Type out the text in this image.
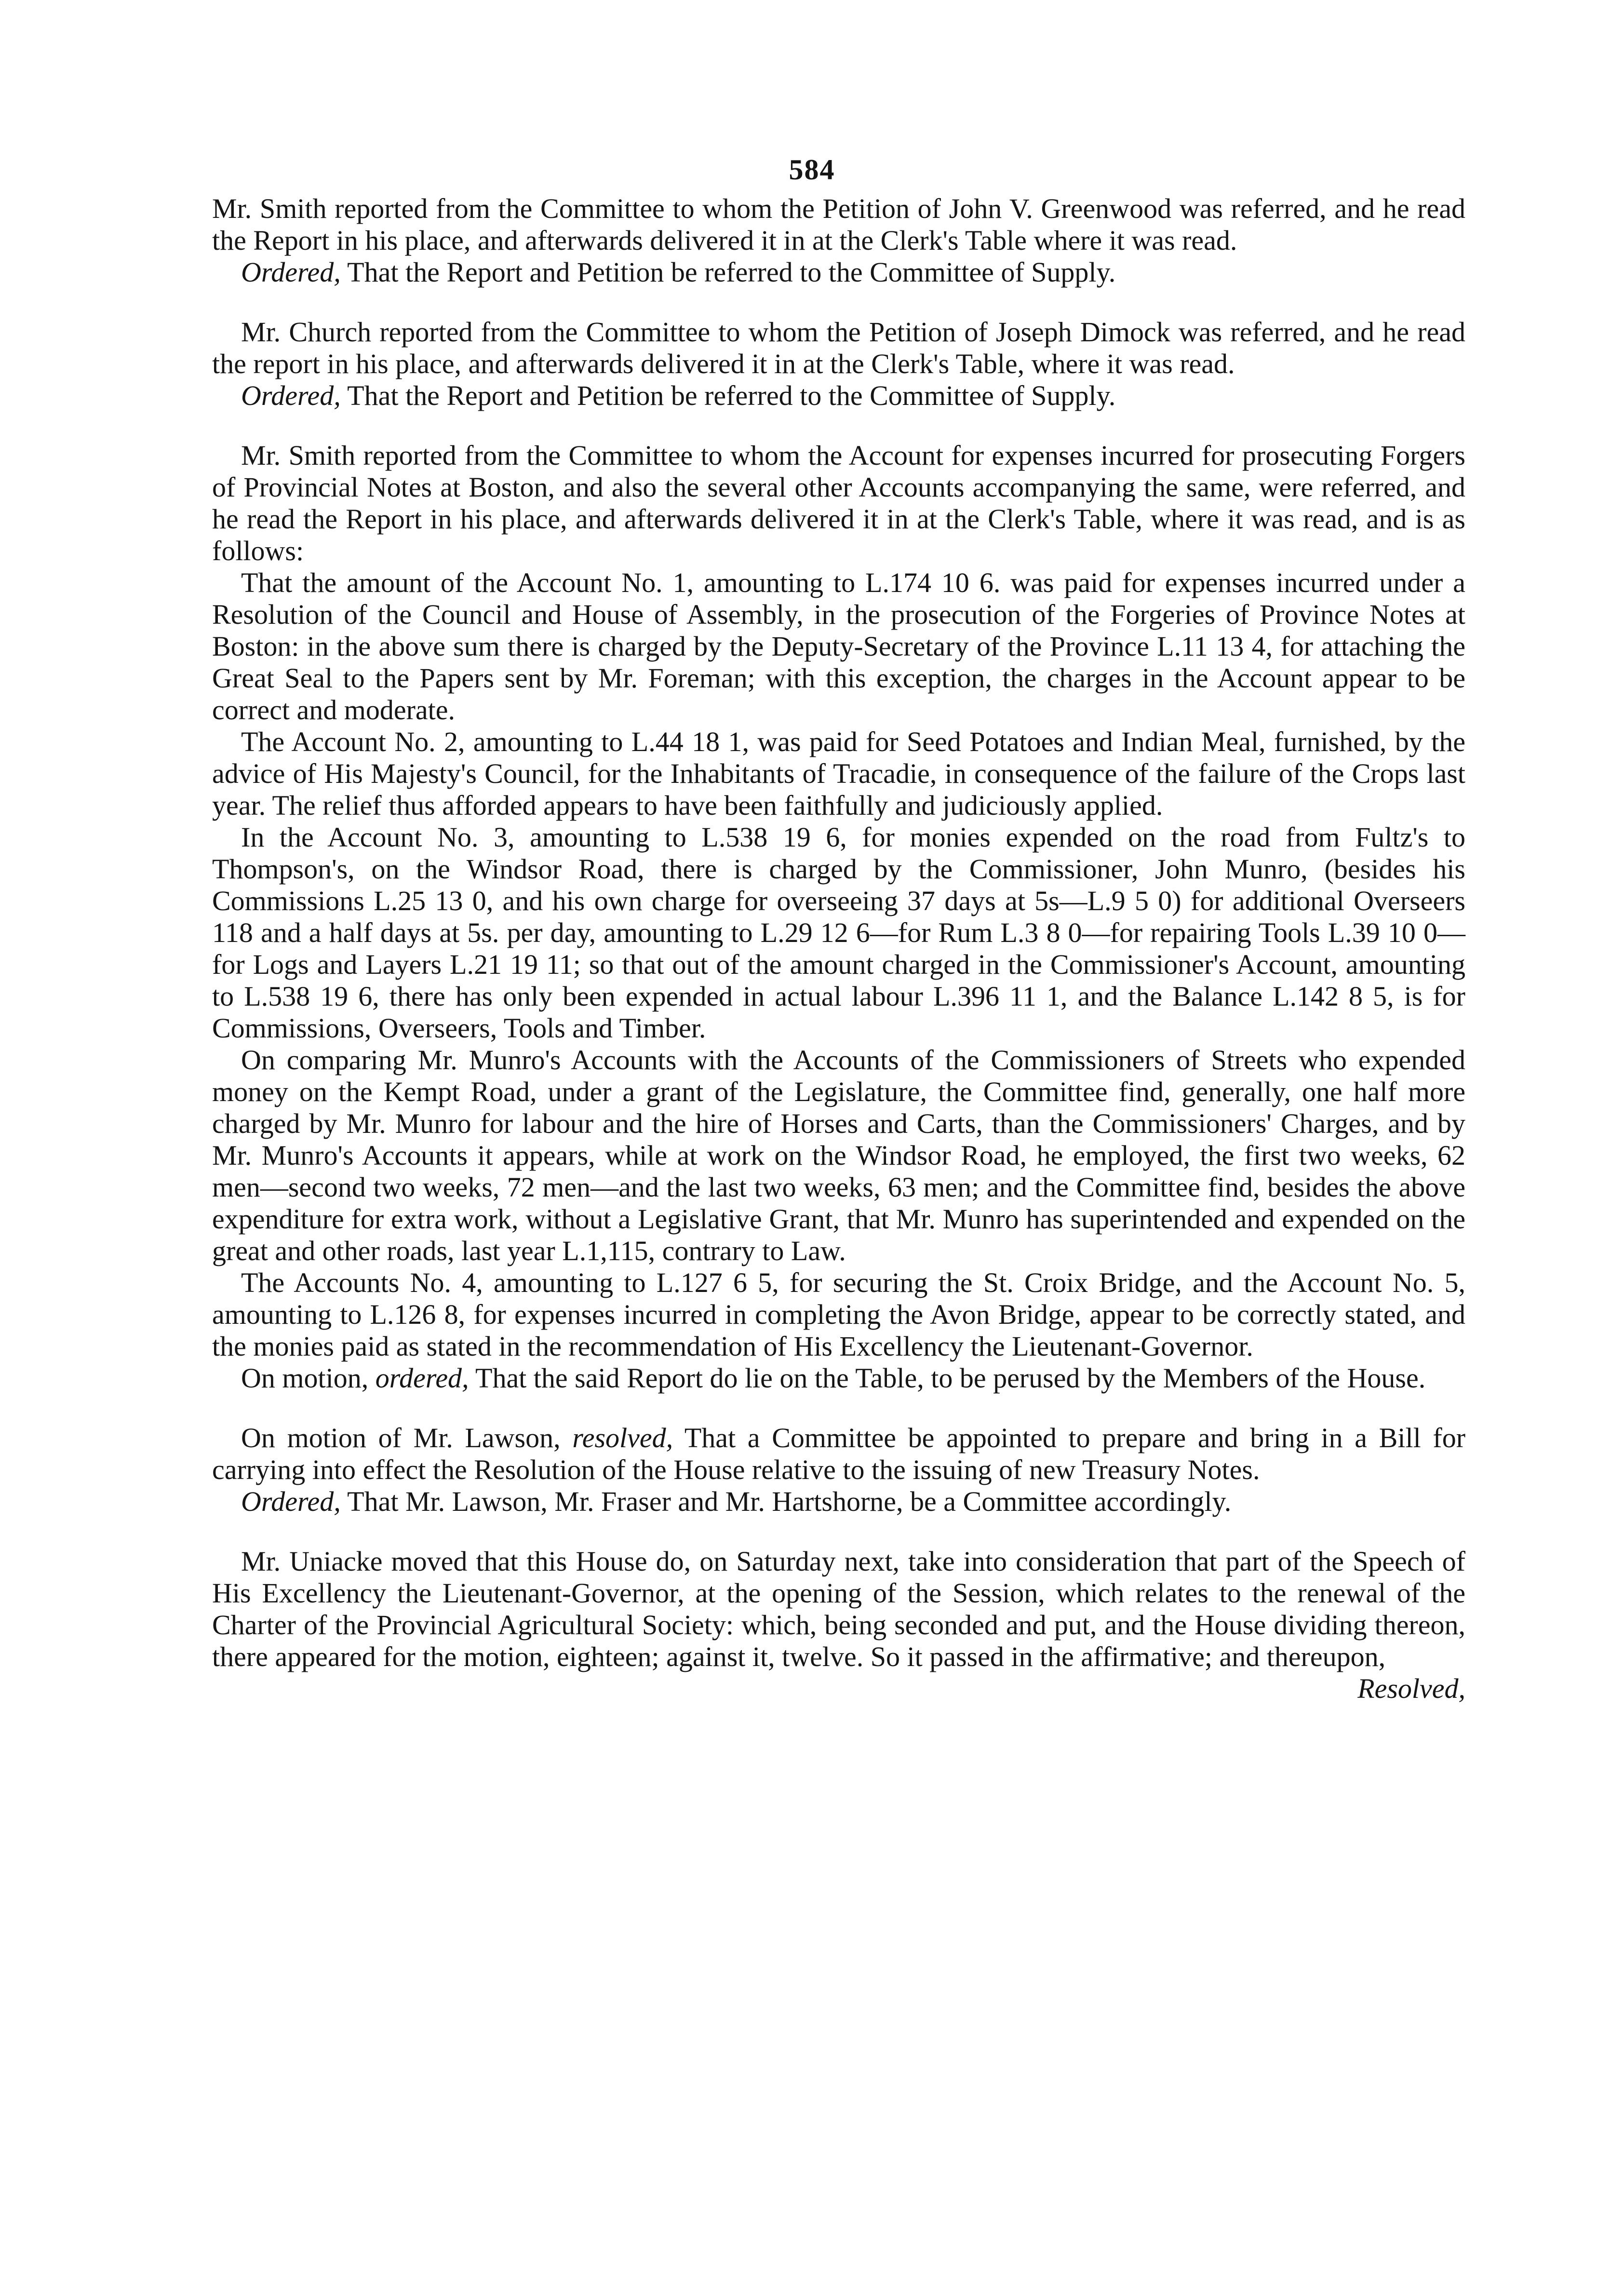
584

Mr. Smith reported from the Committee to whom the Petition of John V. Greenwood was referred, and he read the Report in his place, and afterwards delivered it in at the Clerk's Table where it was read.

Ordered, That the Report and Petition be referred to the Committee of Supply.

Mr. Church reported from the Committee to whom the Petition of Joseph Dimock was referred, and he read the report in his place, and afterwards delivered it in at the Clerk's Table, where it was read.

Ordered, That the Report and Petition be referred to the Committee of Supply.

Mr. Smith reported from the Committee to whom the Account for expenses incurred for prosecuting Forgers of Provincial Notes at Boston, and also the several other Accounts accompanying the same, were referred, and he read the Report in his place, and afterwards delivered it in at the Clerk's Table, where it was read, and is as follows:

That the amount of the Account No. 1, amounting to L.174 10 6. was paid for expenses incurred under a Resolution of the Council and House of Assembly, in the prosecution of the Forgeries of Province Notes at Boston: in the above sum there is charged by the Deputy-Secretary of the Province L.11 13 4, for attaching the Great Seal to the Papers sent by Mr. Foreman; with this exception, the charges in the Account appear to be correct and moderate.

The Account No. 2, amounting to L.44 18 1, was paid for Seed Potatoes and Indian Meal, furnished, by the advice of His Majesty's Council, for the Inhabitants of Tracadie, in consequence of the failure of the Crops last year. The relief thus afforded appears to have been faithfully and judiciously applied.

In the Account No. 3, amounting to L.538 19 6, for monies expended on the road from Fultz's to Thompson's, on the Windsor Road, there is charged by the Commissioner, John Munro, (besides his Commissions L.25 13 0, and his own charge for overseeing 37 days at 5s—L.9 5 0) for additional Overseers 118 and a half days at 5s. per day, amounting to L.29 12 6—for Rum L.3 8 0—for repairing Tools L.39 10 0—for Logs and Layers L.21 19 11; so that out of the amount charged in the Commissioner's Account, amounting to L.538 19 6, there has only been expended in actual labour L.396 11 1, and the Balance L.142 8 5, is for Commissions, Overseers, Tools and Timber.

On comparing Mr. Munro's Accounts with the Accounts of the Commissioners of Streets who expended money on the Kempt Road, under a grant of the Legislature, the Committee find, generally, one half more charged by Mr. Munro for labour and the hire of Horses and Carts, than the Commissioners' Charges, and by Mr. Munro's Accounts it appears, while at work on the Windsor Road, he employed, the first two weeks, 62 men—second two weeks, 72 men—and the last two weeks, 63 men; and the Committee find, besides the above expenditure for extra work, without a Legislative Grant, that Mr. Munro has superintended and expended on the great and other roads, last year L.1,115, contrary to Law.

The Accounts No. 4, amounting to L.127 6 5, for securing the St. Croix Bridge, and the Account No. 5, amounting to L.126 8, for expenses incurred in completing the Avon Bridge, appear to be correctly stated, and the monies paid as stated in the recommendation of His Excellency the Lieutenant-Governor.

On motion, ordered, That the said Report do lie on the Table, to be perused by the Members of the House.

On motion of Mr. Lawson, resolved, That a Committee be appointed to prepare and bring in a Bill for carrying into effect the Resolution of the House relative to the issuing of new Treasury Notes.

Ordered, That Mr. Lawson, Mr. Fraser and Mr. Hartshorne, be a Committee accordingly.

Mr. Uniacke moved that this House do, on Saturday next, take into consideration that part of the Speech of His Excellency the Lieutenant-Governor, at the opening of the Session, which relates to the renewal of the Charter of the Provincial Agricultural Society: which, being seconded and put, and the House dividing thereon, there appeared for the motion, eighteen; against it, twelve. So it passed in the affirmative; and thereupon,
Resolved,
